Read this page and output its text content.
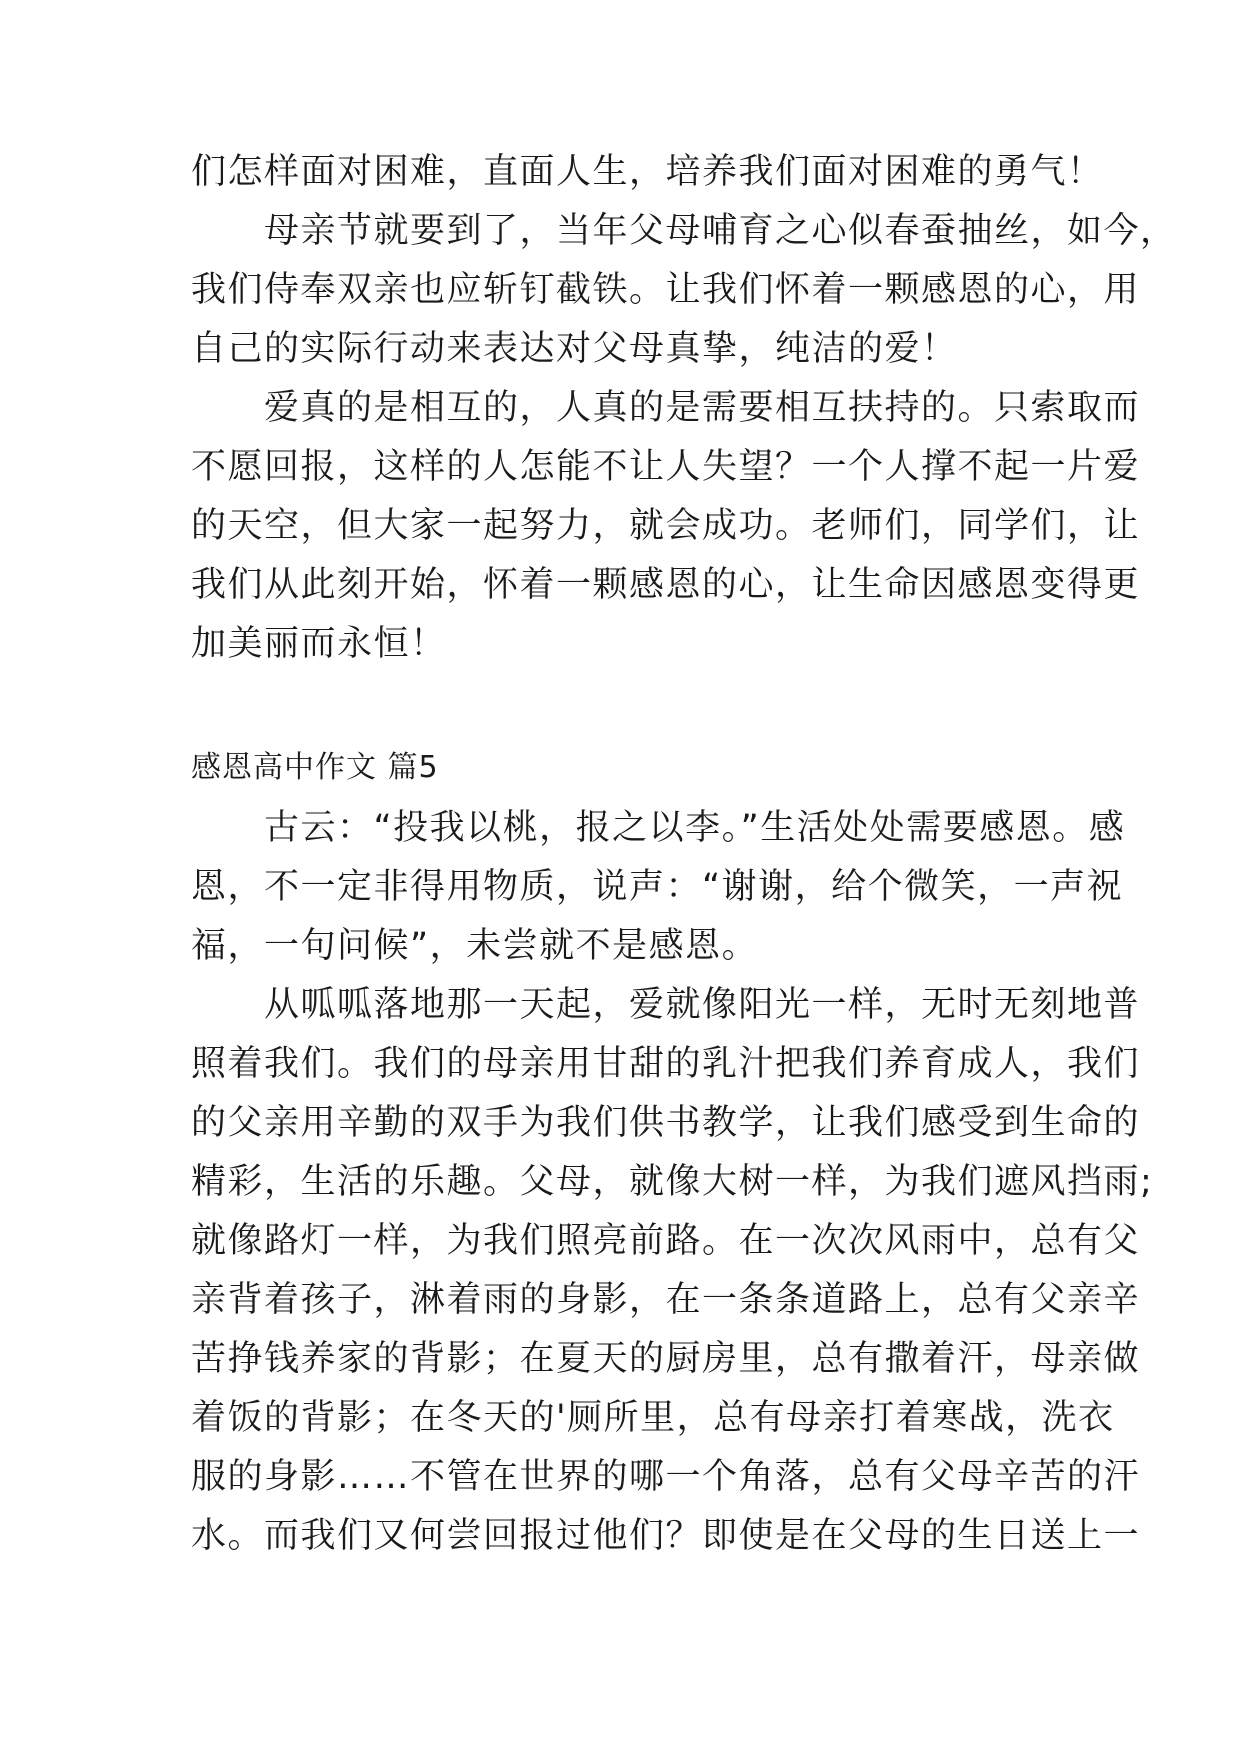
们怎样面对困难，直面人生，培养我们面对困难的勇气！
　　母亲节就要到了，当年父母哺育之心似春蚕抽丝，如今，
我们侍奉双亲也应斩钉截铁。让我们怀着一颗感恩的心，用
自己的实际行动来表达对父母真挚，纯洁的爱！
　　爱真的是相互的，人真的是需要相互扶持的。只索取而
不愿回报，这样的人怎能不让人失望？一个人撑不起一片爱
的天空，但大家一起努力，就会成功。老师们，同学们，让
我们从此刻开始，怀着一颗感恩的心，让生命因感恩变得更
加美丽而永恒！
感恩高中作文 篇5
　　古云：“投我以桃，报之以李。”生活处处需要感恩。感
恩，不一定非得用物质，说声：“谢谢，给个微笑，一声祝
福，一句问候”，未尝就不是感恩。
　　从呱呱落地那一天起，爱就像阳光一样，无时无刻地普
照着我们。我们的母亲用甘甜的乳汁把我们养育成人，我们
的父亲用辛勤的双手为我们供书教学，让我们感受到生命的
精彩，生活的乐趣。父母，就像大树一样，为我们遮风挡雨;
就像路灯一样，为我们照亮前路。在一次次风雨中，总有父
亲背着孩子，淋着雨的身影，在一条条道路上，总有父亲辛
苦挣钱养家的背影；在夏天的厨房里，总有撒着汗，母亲做
着饭的背影；在冬天的'厕所里，总有母亲打着寒战，洗衣
服的身影……不管在世界的哪一个角落，总有父母辛苦的汗
水。而我们又何尝回报过他们？即使是在父母的生日送上一
